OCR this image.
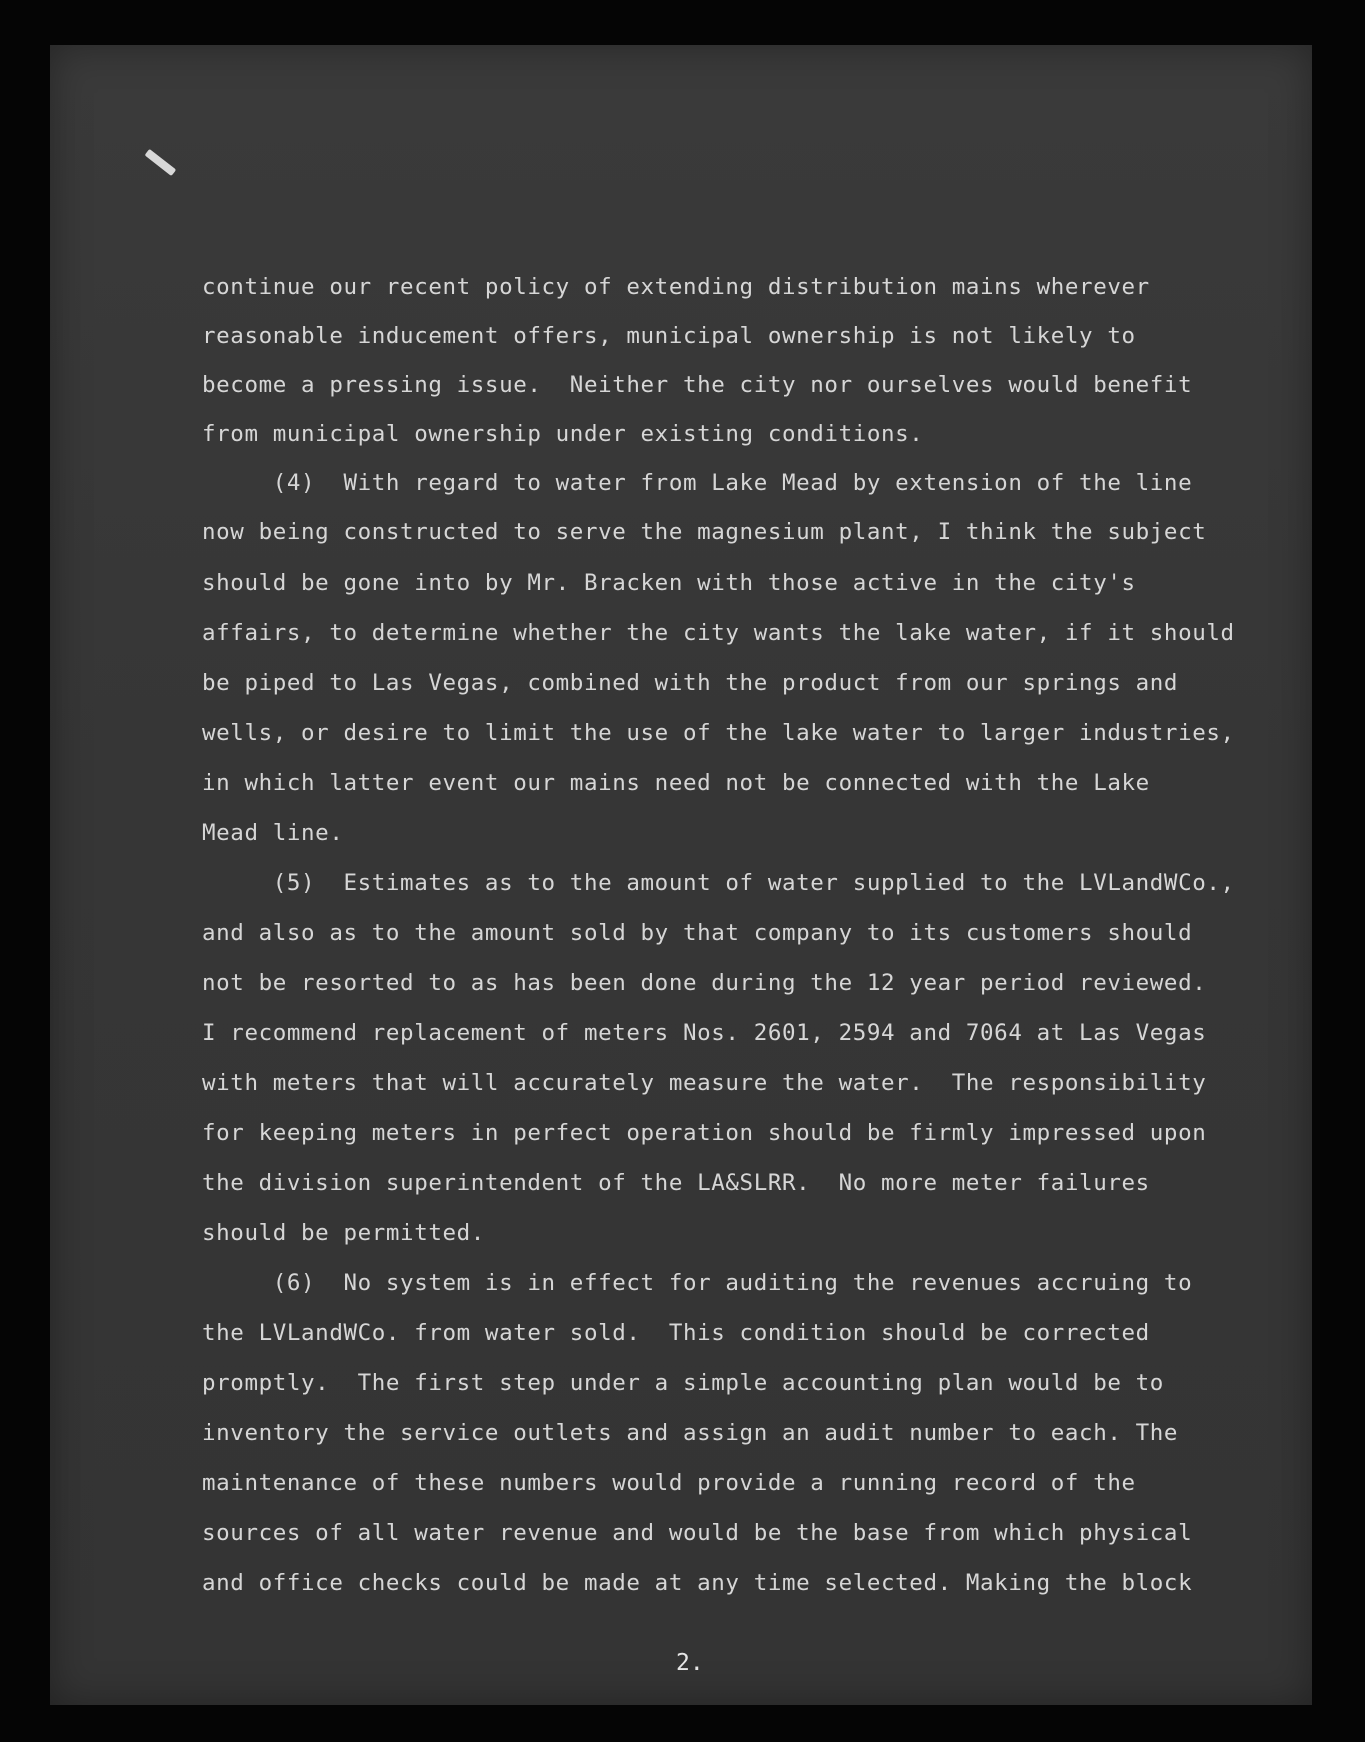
continue our recent policy of extending distribution mains wherever

reasonable inducement offers, municipal ownership is not likely to

become a pressing issue.  Neither the city nor ourselves would benefit

from municipal ownership under existing conditions.

(4)  With regard to water from Lake Mead by extension of the line

now being constructed to serve the magnesium plant, I think the subject

should be gone into by Mr. Bracken with those active in the city's

affairs, to determine whether the city wants the lake water, if it should

be piped to Las Vegas, combined with the product from our springs and

wells, or desire to limit the use of the lake water to larger industries,

in which latter event our mains need not be connected with the Lake

Mead line.

(5)  Estimates as to the amount of water supplied to the LVLandWCo.,

and also as to the amount sold by that company to its customers should

not be resorted to as has been done during the 12 year period reviewed.

I recommend replacement of meters Nos. 2601, 2594 and 7064 at Las Vegas

with meters that will accurately measure the water.  The responsibility

for keeping meters in perfect operation should be firmly impressed upon

the division superintendent of the LA&SLRR.  No more meter failures

should be permitted.

(6)  No system is in effect for auditing the revenues accruing to

the LVLandWCo. from water sold.  This condition should be corrected

promptly.  The first step under a simple accounting plan would be to

inventory the service outlets and assign an audit number to each. The

maintenance of these numbers would provide a running record of the

sources of all water revenue and would be the base from which physical

and office checks could be made at any time selected. Making the block

2.
